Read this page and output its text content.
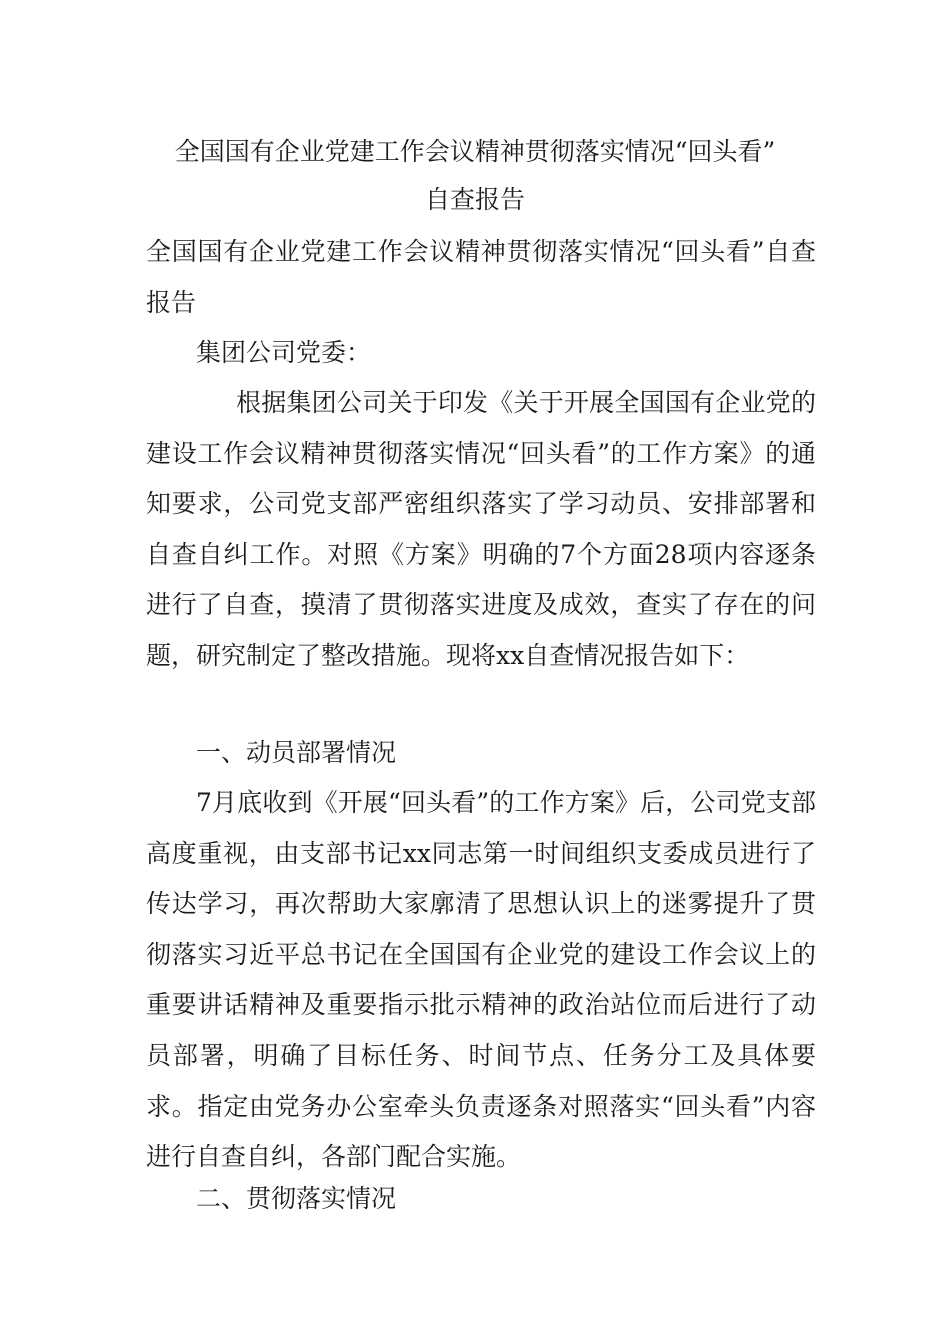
全国国有企业党建工作会议精神贯彻落实情况“回头看”
自查报告

全国国有企业党建工作会议精神贯彻落实情况“回头看”自查报告

集团公司党委：

根据集团公司关于印发《关于开展全国国有企业党的建设工作会议精神贯彻落实情况“回头看”的工作方案》的通知要求，公司党支部严密组织落实了学习动员、安排部署和自查自纠工作。对照《方案》明确的7个方面28项内容逐条进行了自查，摸清了贯彻落实进度及成效，查实了存在的问题，研究制定了整改措施。现将xx自查情况报告如下：

一、动员部署情况

7月底收到《开展“回头看”的工作方案》后，公司党支部高度重视，由支部书记xx同志第一时间组织支委成员进行了传达学习，再次帮助大家廓清了思想认识上的迷雾提升了贯彻落实习近平总书记在全国国有企业党的建设工作会议上的重要讲话精神及重要指示批示精神的政治站位而后进行了动员部署，明确了目标任务、时间节点、任务分工及具体要求。指定由党务办公室牵头负责逐条对照落实“回头看”内容进行自查自纠，各部门配合实施。

二、贯彻落实情况
